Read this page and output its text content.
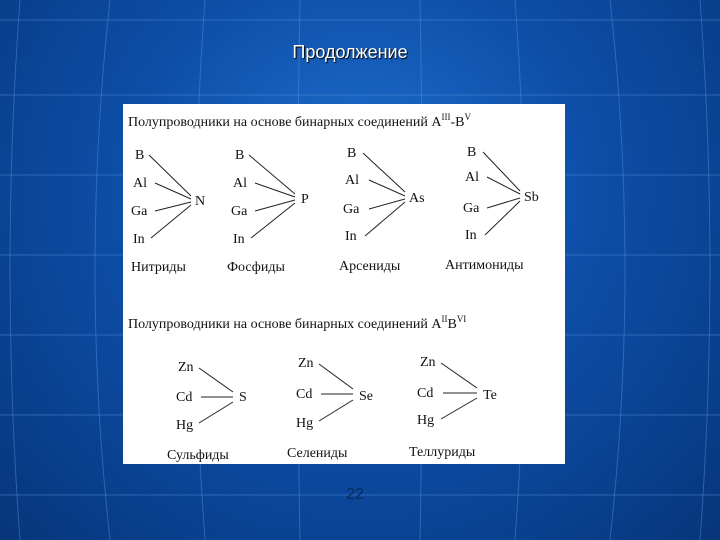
Продолжение
Полупроводники на основе бинарных соединений $A^{III}-B^V$
B
Al
Ga
In
N
Нитриды
B
Al
Ga
In
P
Фосфиды
B
Al
Ga
In
As
Арсениды
B
Al
Ga
In
Sb
Антимониды
Полупроводники на основе бинарных соединений $A^{II}B^{VI}$
Zn
Cd
Hg
S
Сульфиды
Zn
Cd
Hg
Se
Селениды
Zn
Cd
Hg
Te
Теллуриды
22
